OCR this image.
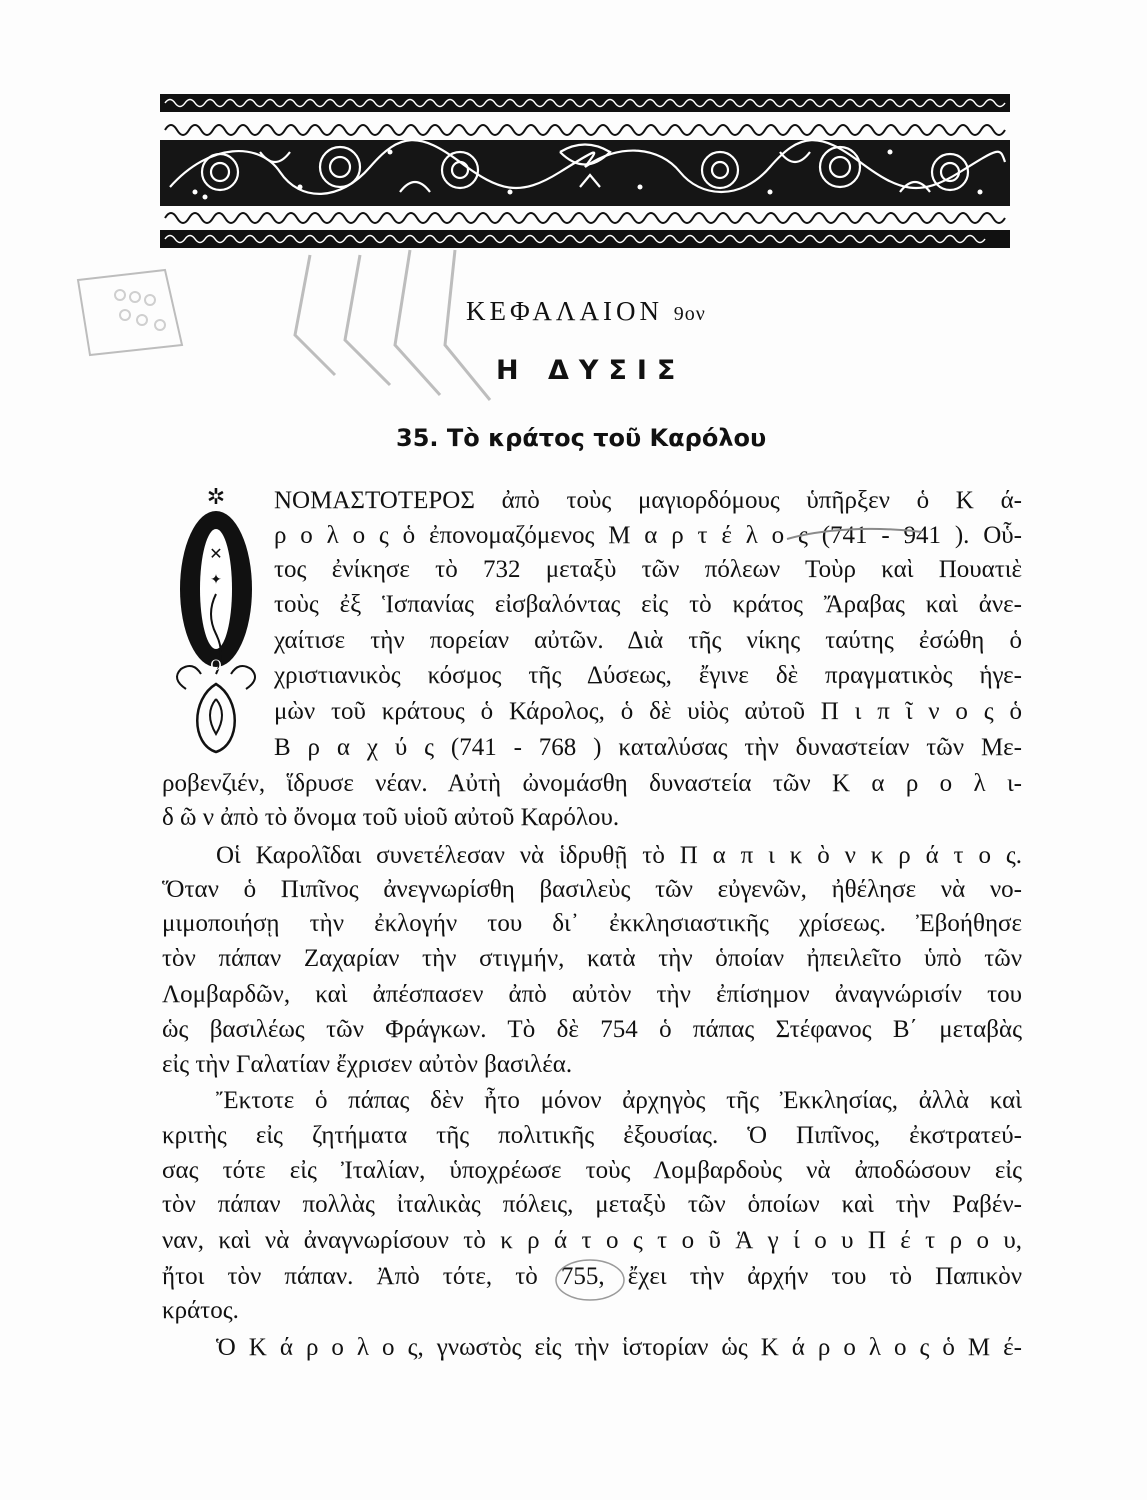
ΚΕΦΑΛΑΙΟΝ 9ον
Η ΔΥΣΙΣ
35. Τὸ κράτος τοῦ Καρόλου
✲
✕
✦
Ο
ΝΟΜΑΣΤΟΤΕΡΟΣ ἀπὸ τοὺς μαγιορδόμους ὑπῆρξεν ὁ Κ ά-
ρ ο λ ο ς ὁ ἐπονομαζόμενος Μ α ρ τ έ λ ο ς (741 - 941 ). Οὗ-
τος ἐνίκησε τὸ 732 μεταξὺ τῶν πόλεων Τοὺρ καὶ Πουατιὲ
τοὺς ἐξ Ἱσπανίας εἰσβαλόντας εἰς τὸ κράτος Ἄραβας καὶ ἀνε-
χαίτισε τὴν πορείαν αὐτῶν. Διὰ τῆς νίκης ταύτης ἐσώθη ὁ
χριστιανικὸς κόσμος τῆς Δύσεως, ἔγινε δὲ πραγματικὸς ἡγε-
μὼν τοῦ κράτους ὁ Κάρολος, ὁ δὲ υἱὸς αὐτοῦ Π ι π ῖ ν ο ς ὁ
Β ρ α χ ύ ς (741 - 768 ) καταλύσας τὴν δυναστείαν τῶν Με-
ροβενζιέν, ἵδρυσε νέαν. Αὐτὴ ὠνομάσθη δυναστεία τῶν Κ α ρ ο λ ι-
δ ῶ ν ἀπὸ τὸ ὄνομα τοῦ υἱοῦ αὐτοῦ Καρόλου.
Οἱ Καρολῖδαι συνετέλεσαν νὰ ἱδρυθῇ τὸ Π α π ι κ ὸ ν κ ρ ά τ ο ς.
Ὅταν ὁ Πιπῖνος ἀνεγνωρίσθη βασιλεὺς τῶν εὐγενῶν, ἠθέλησε νὰ νο-
μιμοποιήσῃ τὴν ἐκλογήν του δι᾿ ἐκκλησιαστικῆς χρίσεως. Ἐβοήθησε
τὸν πάπαν Ζαχαρίαν τὴν στιγμήν, κατὰ τὴν ὁποίαν ἠπειλεῖτο ὑπὸ τῶν
Λομβαρδῶν, καὶ ἀπέσπασεν ἀπὸ αὐτὸν τὴν ἐπίσημον ἀναγνώρισίν του
ὡς βασιλέως τῶν Φράγκων. Τὸ δὲ 754 ὁ πάπας Στέφανος Β΄ μεταβὰς
εἰς τὴν Γαλατίαν ἔχρισεν αὐτὸν βασιλέα.
Ἔκτοτε ὁ πάπας δὲν ἦτο μόνον ἀρχηγὸς τῆς Ἐκκλησίας, ἀλλὰ καὶ
κριτὴς εἰς ζητήματα τῆς πολιτικῆς ἐξουσίας. Ὁ Πιπῖνος, ἐκστρατεύ-
σας τότε εἰς Ἰταλίαν, ὑποχρέωσε τοὺς Λομβαρδοὺς νὰ ἀποδώσουν εἰς
τὸν πάπαν πολλὰς ἰταλικὰς πόλεις, μεταξὺ τῶν ὁποίων καὶ τὴν Ραβέν-
ναν, καὶ νὰ ἀναγνωρίσουν τὸ κ ρ ά τ ο ς τ ο ῦ Ἁ γ ί ο υ Π έ τ ρ ο υ,
ἤτοι τὸν πάπαν. Ἀπὸ τότε, τὸ 755, ἔχει τὴν ἀρχήν του τὸ Παπικὸν
κράτος.
Ὁ Κ ά ρ ο λ ο ς, γνωστὸς εἰς τὴν ἱστορίαν ὡς Κ ά ρ ο λ ο ς ὁ Μ έ-
